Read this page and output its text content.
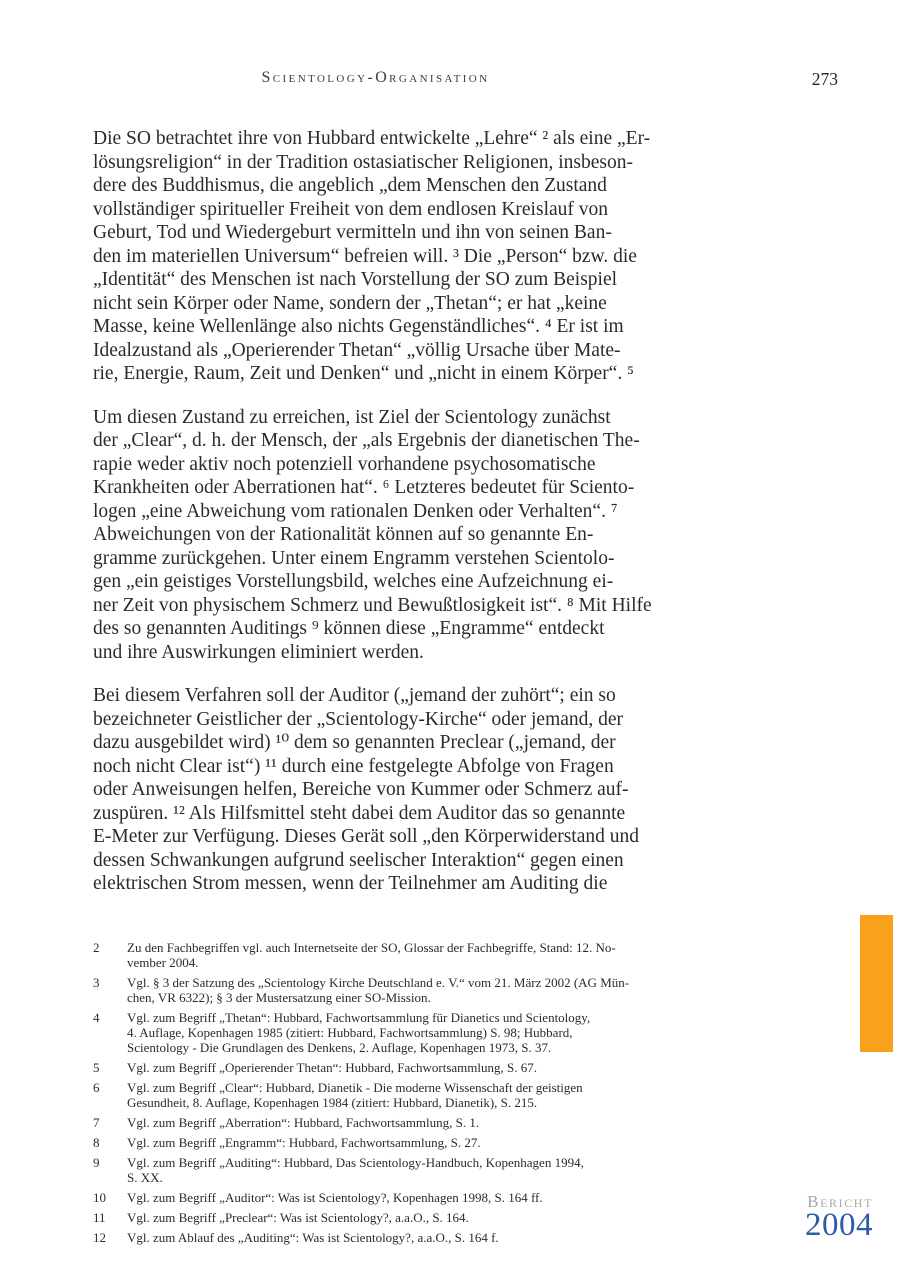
Scientology-Organisation	273
Die SO betrachtet ihre von Hubbard entwickelte „Lehre“ ² als eine „Er-
lösungsreligion“ in der Tradition ostasiatischer Religionen, insbeson-
dere des Buddhismus, die angeblich „dem Menschen den Zustand
vollständiger spiritueller Freiheit von dem endlosen Kreislauf von
Geburt, Tod und Wiedergeburt vermitteln und ihn von seinen Ban-
den im materiellen Universum“ befreien will. ³ Die „Person“ bzw. die
„Identität“ des Menschen ist nach Vorstellung der SO zum Beispiel
nicht sein Körper oder Name, sondern der „Thetan“; er hat „keine
Masse, keine Wellenlänge also nichts Gegenständliches“. ⁴ Er ist im
Idealzustand als „Operierender Thetan“ „völlig Ursache über Mate-
rie, Energie, Raum, Zeit und Denken“ und „nicht in einem Körper“. ⁵
Um diesen Zustand zu erreichen, ist Ziel der Scientology zunächst
der „Clear“, d. h. der Mensch, der „als Ergebnis der dianetischen The-
rapie weder aktiv noch potenziell vorhandene psychosomatische
Krankheiten oder Aberrationen hat“. ⁶ Letzteres bedeutet für Sciento-
logen „eine Abweichung vom rationalen Denken oder Verhalten“. ⁷
Abweichungen von der Rationalität können auf so genannte En-
gramme zurückgehen. Unter einem Engramm verstehen Scientolo-
gen „ein geistiges Vorstellungsbild, welches eine Aufzeichnung ei-
ner Zeit von physischem Schmerz und Bewußtlosigkeit ist“. ⁸ Mit Hilfe
des so genannten Auditings ⁹ können diese „Engramme“ entdeckt
und ihre Auswirkungen eliminiert werden.
Bei diesem Verfahren soll der Auditor („jemand der zuhört“; ein so
bezeichneter Geistlicher der „Scientology-Kirche“ oder jemand, der
dazu ausgebildet wird) ¹⁰ dem so genannten Preclear („jemand, der
noch nicht Clear ist“) ¹¹ durch eine festgelegte Abfolge von Fragen
oder Anweisungen helfen, Bereiche von Kummer oder Schmerz auf-
zuspüren. ¹² Als Hilfsmittel steht dabei dem Auditor das so genannte
E-Meter zur Verfügung. Dieses Gerät soll „den Körperwiderstand und
dessen Schwankungen aufgrund seelischer Interaktion“ gegen einen
elektrischen Strom messen, wenn der Teilnehmer am Auditing die
2	Zu den Fachbegriffen vgl. auch Internetseite der SO, Glossar der Fachbegriffe, Stand: 12. No-
vember 2004.
3	Vgl. § 3 der Satzung des „Scientology Kirche Deutschland e. V.“ vom 21. März 2002 (AG Mün-
chen, VR 6322); § 3 der Mustersatzung einer SO-Mission.
4	Vgl. zum Begriff „Thetan“: Hubbard, Fachwortsammlung für Dianetics und Scientology,
4. Auflage, Kopenhagen 1985 (zitiert: Hubbard, Fachwortsammlung) S. 98; Hubbard,
Scientology - Die Grundlagen des Denkens, 2. Auflage, Kopenhagen 1973, S. 37.
5	Vgl. zum Begriff „Operierender Thetan“: Hubbard, Fachwortsammlung, S. 67.
6	Vgl. zum Begriff „Clear“: Hubbard, Dianetik - Die moderne Wissenschaft der geistigen
Gesundheit, 8. Auflage, Kopenhagen 1984 (zitiert: Hubbard, Dianetik), S. 215.
7	Vgl. zum Begriff „Aberration“: Hubbard, Fachwortsammlung, S. 1.
8	Vgl. zum Begriff „Engramm“: Hubbard, Fachwortsammlung, S. 27.
9	Vgl. zum Begriff „Auditing“: Hubbard, Das Scientology-Handbuch, Kopenhagen 1994,
S. XX.
10	Vgl. zum Begriff „Auditor“: Was ist Scientology?, Kopenhagen 1998, S. 164 ff.
11	Vgl. zum Begriff „Preclear“: Was ist Scientology?, a.a.O., S. 164.
12	Vgl. zum Ablauf des „Auditing“: Was ist Scientology?, a.a.O., S. 164 f.
Bericht
2004
